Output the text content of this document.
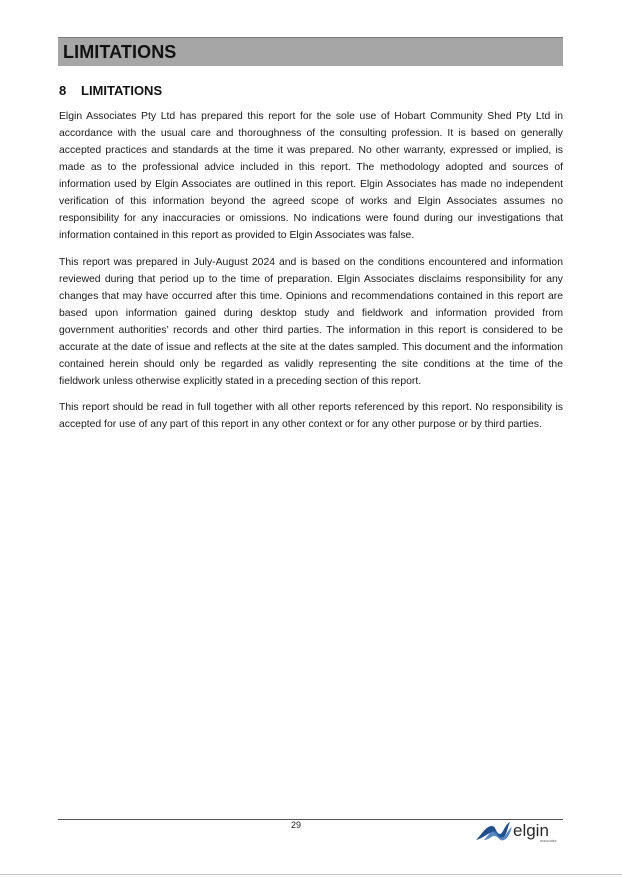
LIMITATIONS
8	LIMITATIONS

Elgin Associates Pty Ltd has prepared this report for the sole use of Hobart Community Shed Pty Ltd in accordance with the usual care and thoroughness of the consulting profession. It is based on generally accepted practices and standards at the time it was prepared. No other warranty, expressed or implied, is made as to the professional advice included in this report. The methodology adopted and sources of information used by Elgin Associates are outlined in this report. Elgin Associates has made no independent verification of this information beyond the agreed scope of works and Elgin Associates assumes no responsibility for any inaccuracies or omissions. No indications were found during our investigations that information contained in this report as provided to Elgin Associates was false.

This report was prepared in July-August 2024 and is based on the conditions encountered and information reviewed during that period up to the time of preparation. Elgin Associates disclaims responsibility for any changes that may have occurred after this time. Opinions and recommendations contained in this report are based upon information gained during desktop study and fieldwork and information provided from government authorities’ records and other third parties. The information in this report is considered to be accurate at the date of issue and reflects at the site at the dates sampled. This document and the information contained herein should only be regarded as validly representing the site conditions at the time of the fieldwork unless otherwise explicitly stated in a preceding section of this report.

This report should be read in full together with all other reports referenced by this report. No responsibility is accepted for use of any part of this report in any other context or for any other purpose or by third parties.

29	elgin
associates
